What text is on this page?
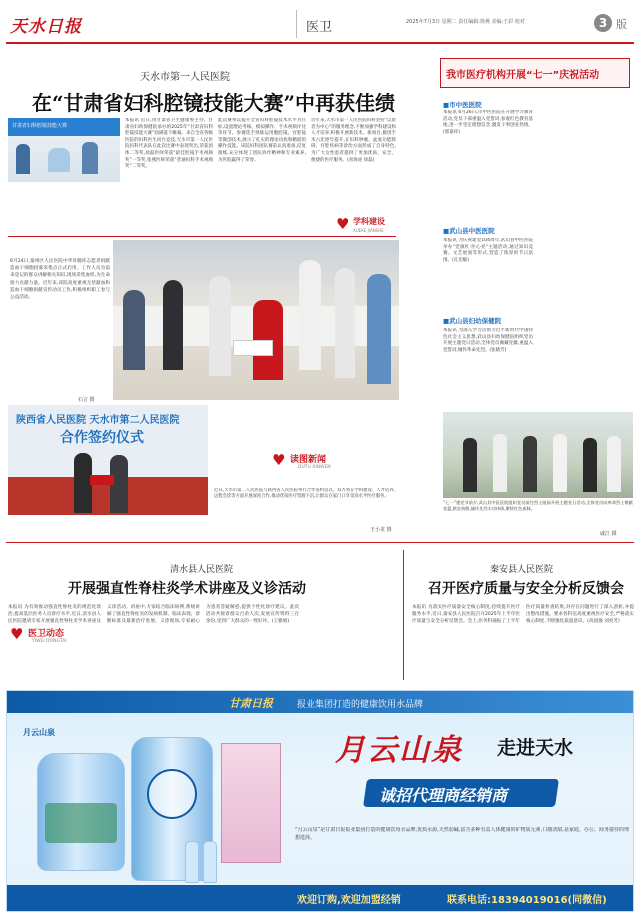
天水日报	医卫	2025年7月3日 星期二 责任编辑:徐燕 美编:王彩 校对	3 版
天水市第一人民医院
在“甘肃省妇科腔镜技能大赛”中再获佳绩
甘肃省妇科腔镜技能大赛
本报讯 近日,由甘肃省卫生健康委主办、甘肃省妇幼保健院承办的2025年“甘肃省妇科腔镜技能大赛”圆满落下帷幕。来自全省各级医院的妇科医生同台竞技,天水市第一人民医院妇科代表队在此次比赛中表现突出,荣获团体二等奖,徐磊医师荣获“最佳腔镜手术视频奖”一等奖,张燕医师荣获“普通妇科手术视频奖”二等奖。
此次赛事以提升全省妇科腔镜技术水平为目标,设置理论考核、模拟操作、手术视频评比等环节。参赛选手熟练运用腹腔镜、宫腔镜等微创技术,展示了扎实的理论功底和精湛的操作技能。该院妇科团队赛前认真准备,反复演练,充分体现了团队协作精神和专业素养,为医院赢得了荣誉。
近年来,天水市第一人民医院妇科坚持“以患者为中心”的服务理念,不断加强学科建设和人才培养,积极开展新技术、新项目,微创手术占比逐年提升,在妇科肿瘤、盆底功能障碍、宫腔疾病等诊治方面形成了自身特色,为广大女性患者提供了更加优质、安全、便捷的医疗服务。(青海虎 徐磊)
♥ 学科建设
XUEKE JIANSHE
6月24日,秦州区人民医院中华骨髓库志愿者捐献造血干细胞招募采集点正式启用。工作人员为前来登记的群众讲解相关知识,现场采集血样,为生命接力贡献力量。近年来,该院高度重视无偿献血和造血干细胞捐献宣传动员工作,积极组织职工参与公益活动。
石言 摄
陕西省人民医院 天水市第二人民医院
合作签约仪式
♥ 读图新闻
DUTU XINWEN
近日,天水市第二人民医院与陕西省人民医院举行合作签约仪式。双方将在学科建设、人才培养、远程会诊等方面开展深度合作,推动优质医疗资源下沉,让群众在家门口享受高水平医疗服务。
王小龙 摄
我市医疗机构开展“七一”庆祝活动
■市中医医院
本报讯 6月26日,市中医医院在开展学习教育活动,党员干部重温入党誓词,参观红色教育基地,进一步坚定理想信念,激发干事创业热情。(郭嘉祥)
■武山县中医医院
本报讯 为庆祝建党104周年,武山县中医医院举办“党旗红·医心亮”主题活动,通过知识竞赛、文艺展演等形式,营造了浓厚的节日氛围。(孔伯敏)
■武山县妇幼保健院
本报讯 为深入学习贯彻习近平新时代中国特色社会主义思想,武山县妇幼保健院组织党员开展主题党日活动,全体党员佩戴党徽,重温入党誓词,缅怀革命先烈。(张晓芳)
“七一”建党节前夕,武山县中医医院组织党员前往烈士陵园开展主题党日活动,全体党员向革命烈士敬献花篮,默哀致敬,缅怀先烈丰功伟绩,赓续红色血脉。
戚江 摄
清水县人民医院
开展强直性脊柱炎学术讲座及义诊活动
本报讯 为有效推动强直性脊柱炎的规范化诊治,提高基层医务人员诊疗水平,近日,清水县人民医院邀请专家开展强直性脊柱炎学术讲座及义诊活动。讲座中,专家结合临床病例,系统讲解了强直性脊柱炎的发病机制、临床表现、诊断标准及最新治疗进展。义诊现场,专家耐心为患者答疑解惑,提供个性化诊疗建议。此次活动共接诊群众百余人次,发放宣传资料三百余份,受到广大群众的一致好评。(王雅娟)
♥ 医卫动态
YIWEI DONGTAI
秦安县人民医院
召开医疗质量与安全分析反馈会
本报讯 为落实医疗质量安全核心制度,持续提升医疗服务水平,近日,秦安县人民医院召开2025年上半年医疗质量与安全分析反馈会。会上,医务科通报了上半年医疗质量检查结果,对存在问题进行了深入剖析,并提出整改措施。要求各科室高度重视医疗安全,严格落实核心制度,不断强化质量意识。(高国强 刘亮芳)
甘肃日报	报业集团打造的健康饮用水品牌
月云山泉
月云山泉 走进天水
诚招代理商经销商
“月云山泉”是甘肃日报报业集团打造的健康饮用水品牌,优质水源,天然弱碱,富含多种有益人体健康的矿物质元素,口感清甜,是家庭、办公、商务接待的理想选择。
欢迎订购,欢迎加盟经销	联系电话:18394019016(同微信)
